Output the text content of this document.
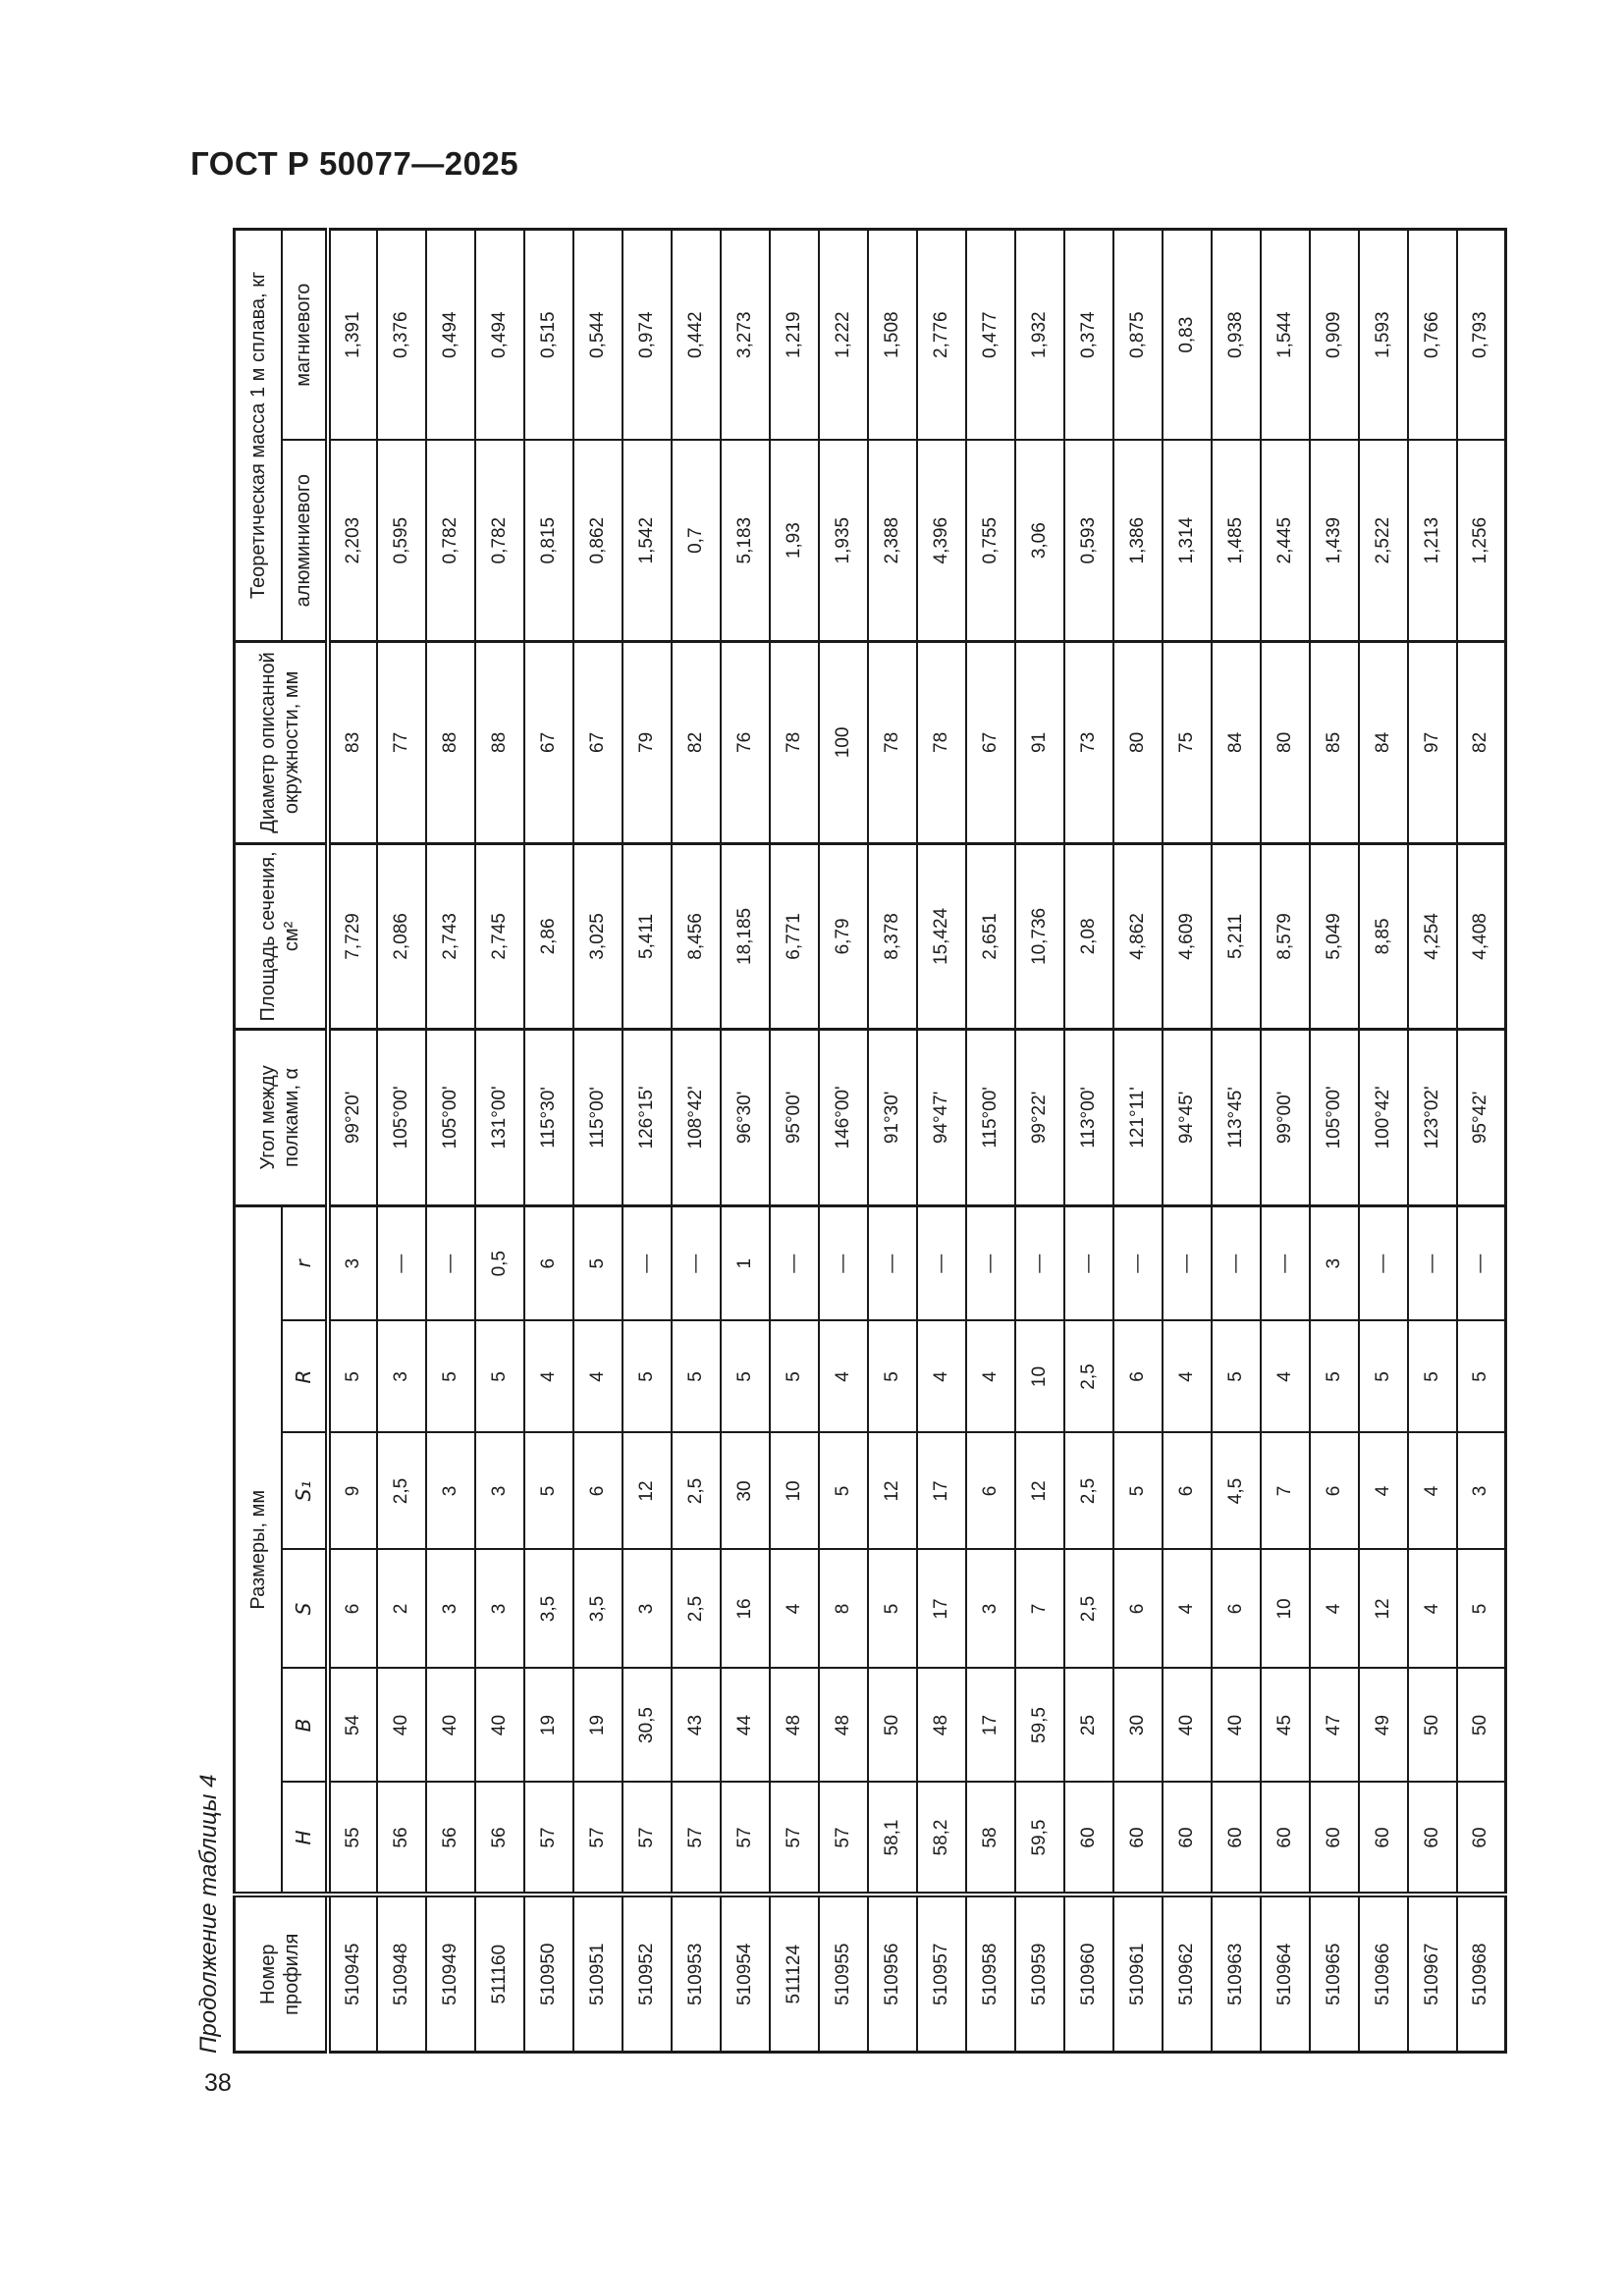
ГОСТ Р 50077—2025
Номер профиля	Размеры, мм						Угол между полками, α	Площадь сечения, см²	Диаметр описанной окружности, мм	Теоретическая масса 1 м сплава, кг	
	H	B	S	S₁	R	r				алюминиевого	магниевого
510945	55	54	6	9	5	3	99°20'	7,729	83	2,203	1,391
510948	56	40	2	2,5	3	—	105°00'	2,086	77	0,595	0,376
510949	56	40	3	3	5	—	105°00'	2,743	88	0,782	0,494
511160	56	40	3	3	5	0,5	131°00'	2,745	88	0,782	0,494
510950	57	19	3,5	5	4	6	115°30'	2,86	67	0,815	0,515
510951	57	19	3,5	6	4	5	115°00'	3,025	67	0,862	0,544
510952	57	30,5	3	12	5	—	126°15'	5,411	79	1,542	0,974
510953	57	43	2,5	2,5	5	—	108°42'	8,456	82	0,7	0,442
510954	57	44	16	30	5	1	96°30'	18,185	76	5,183	3,273
511124	57	48	4	10	5	—	95°00'	6,771	78	1,93	1,219
510955	57	48	8	5	4	—	146°00'	6,79	100	1,935	1,222
510956	58,1	50	5	12	5	—	91°30'	8,378	78	2,388	1,508
510957	58,2	48	17	17	4	—	94°47'	15,424	78	4,396	2,776
510958	58	17	3	6	4	—	115°00'	2,651	67	0,755	0,477
510959	59,5	59,5	7	12	10	—	99°22'	10,736	91	3,06	1,932
510960	60	25	2,5	2,5	2,5	—	113°00'	2,08	73	0,593	0,374
510961	60	30	6	5	6	—	121°11'	4,862	80	1,386	0,875
510962	60	40	4	6	4	—	94°45'	4,609	75	1,314	0,83
510963	60	40	6	4,5	5	—	113°45'	5,211	84	1,485	0,938
510964	60	45	10	7	4	—	99°00'	8,579	80	2,445	1,544
510965	60	47	4	6	5	3	105°00'	5,049	85	1,439	0,909
510966	60	49	12	4	5	—	100°42'	8,85	84	2,522	1,593
510967	60	50	4	4	5	—	123°02'	4,254	97	1,213	0,766
510968	60	50	5	3	5	—	95°42'	4,408	82	1,256	0,793
Продолжение таблицы 4
38
